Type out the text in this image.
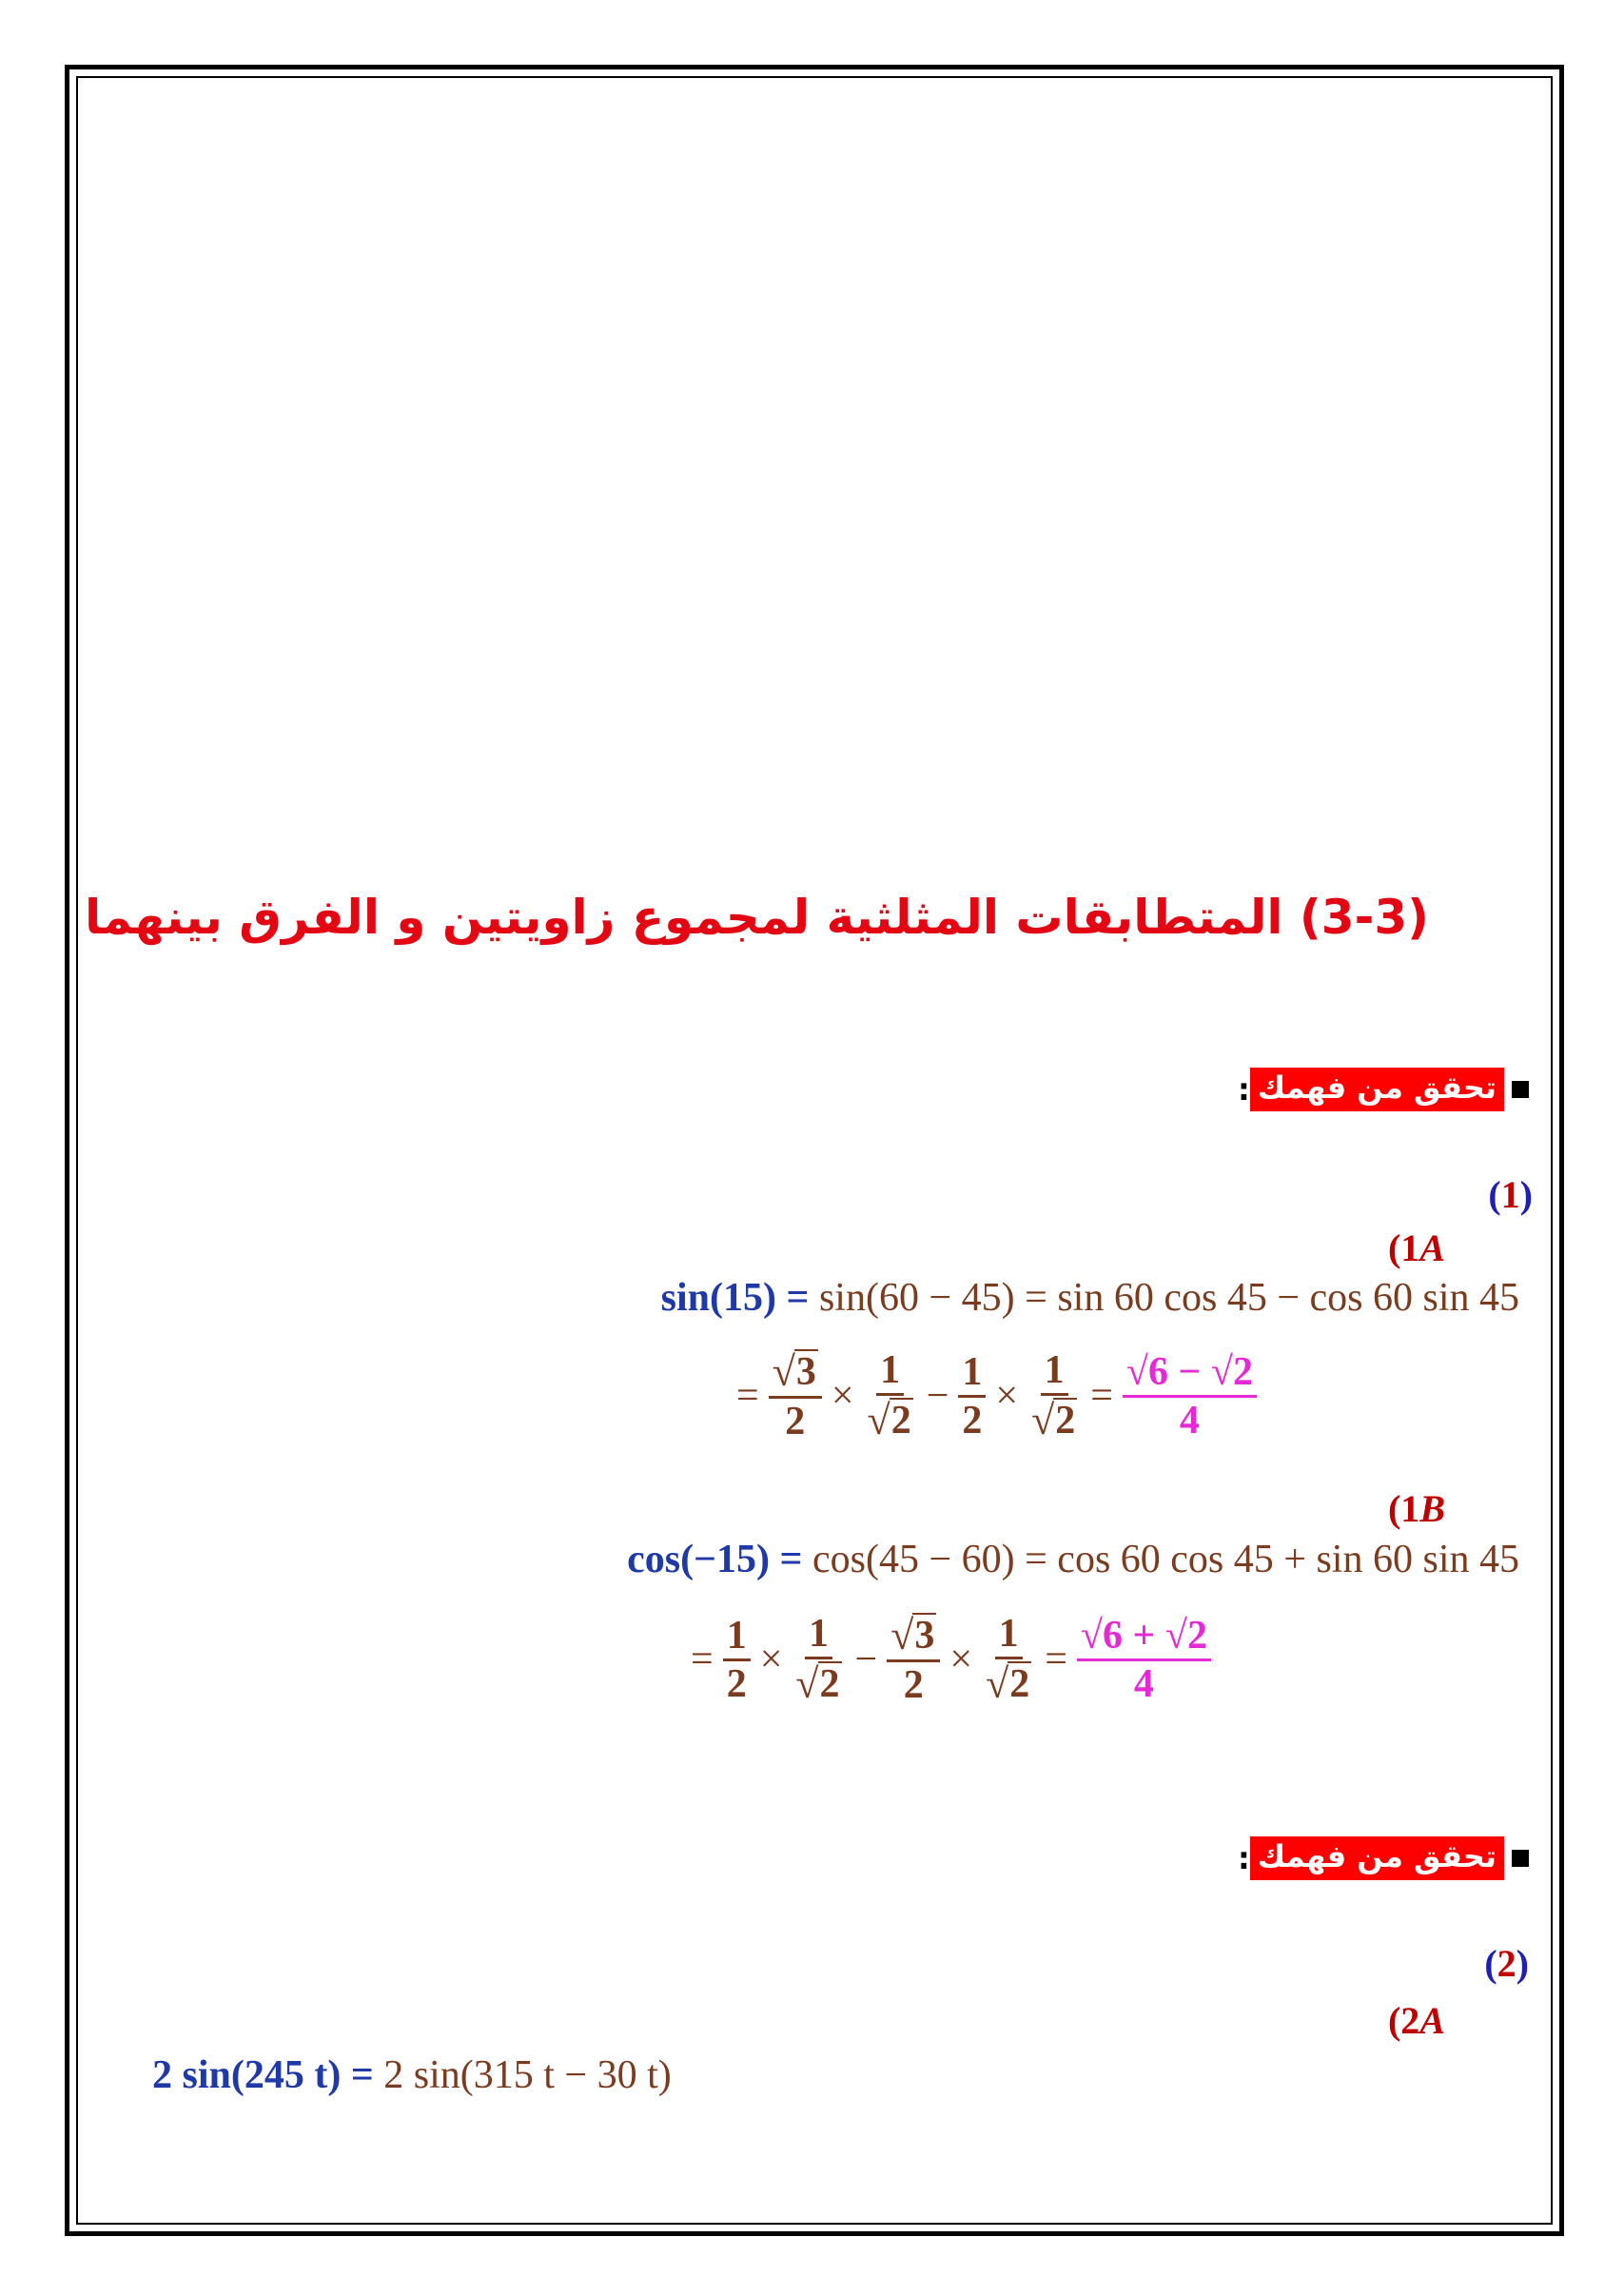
(3-3) المتطابقات المثلثية لمجموع زاويتين و الفرق بينهما
تحقق من فهمك
:
(1)
(1A
sin(15) = sin(60 − 45) = sin 60 cos 45 − cos 60 sin 45
= $\frac{√ 3}{2} \times \frac{1}{√ 2} - \frac{1}{2} \times \frac{1}{√ 2} = \frac{√6 - √2}{4}$
(1B
cos(−15) = cos(45 − 60) = cos 60 cos 45 + sin 60 sin 45
= $\frac{1}{2} \times \frac{1}{√ 2} - \frac{√ 3}{2} \times \frac{1}{√ 2} = \frac{√6 + √2}{4}$
تحقق من فهمك
:
(2)
(2A
2 sin(245 t) = 2 sin(315 t − 30 t)
